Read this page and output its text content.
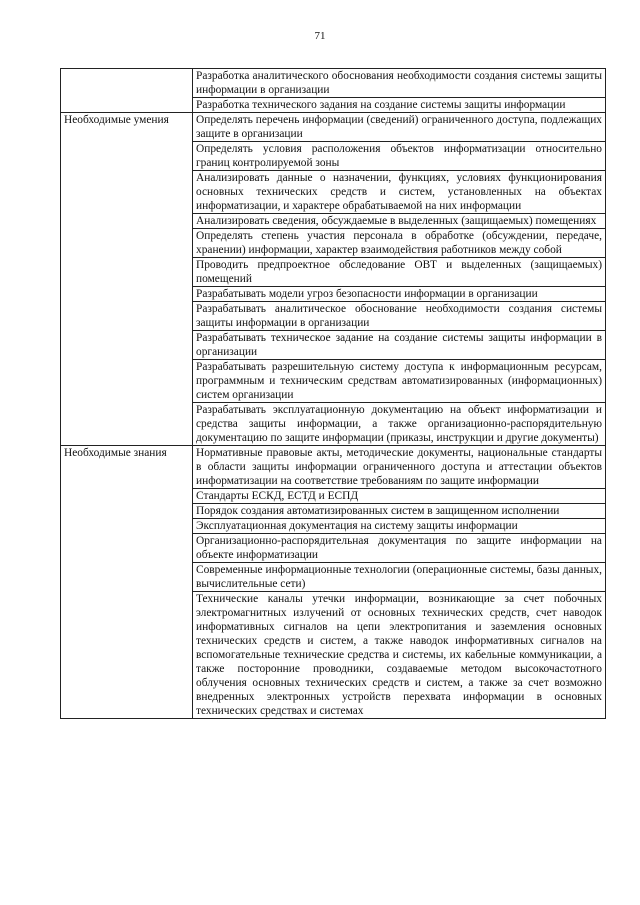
71
	Разработка аналитического обоснования необходимости создания системы защиты информации в организации
	Разработка технического задания на создание системы защиты информации
Необходимые умения	Определять перечень информации (сведений) ограниченного доступа, подлежащих защите в организации
	Определять условия расположения объектов информатизации относительно границ контролируемой зоны
	Анализировать данные о назначении, функциях, условиях функционирования основных технических средств и систем, установленных на объектах информатизации, и характере обрабатываемой на них информации
	Анализировать сведения, обсуждаемые в выделенных (защищаемых) помещениях
	Определять степень участия персонала в обработке (обсуждении, передаче, хранении) информации, характер взаимодействия работников между собой
	Проводить предпроектное обследование ОВТ и выделенных (защищаемых) помещений
	Разрабатывать модели угроз безопасности информации в организации
	Разрабатывать аналитическое обоснование необходимости создания системы защиты информации в организации
	Разрабатывать техническое задание на создание системы защиты информации в организации
	Разрабатывать разрешительную систему доступа к информационным ресурсам, программным и техническим средствам автоматизированных (информационных) систем организации
	Разрабатывать эксплуатационную документацию на объект информатизации и средства защиты информации, а также организационно-распорядительную документацию по защите информации (приказы, инструкции и другие документы)
Необходимые знания	Нормативные правовые акты, методические документы, национальные стандарты в области защиты информации ограниченного доступа и аттестации объектов информатизации на соответствие требованиям по защите информации
	Стандарты ЕСКД, ЕСТД и ЕСПД
	Порядок создания автоматизированных систем в защищенном исполнении
	Эксплуатационная документация на систему защиты информации
	Организационно-распорядительная документация по защите информации на объекте информатизации
	Современные информационные технологии (операционные системы, базы данных, вычислительные сети)
	Технические каналы утечки информации, возникающие за счет побочных электромагнитных излучений от основных технических средств, счет наводок информативных сигналов на цепи электропитания и заземления основных технических средств и систем, а также наводок информативных сигналов на вспомогательные технические средства и системы, их кабельные коммуникации, а также посторонние проводники, создаваемые методом высокочастотного облучения основных технических средств и систем, а также за счет возможно внедренных электронных устройств перехвата информации в основных технических средствах и системах
